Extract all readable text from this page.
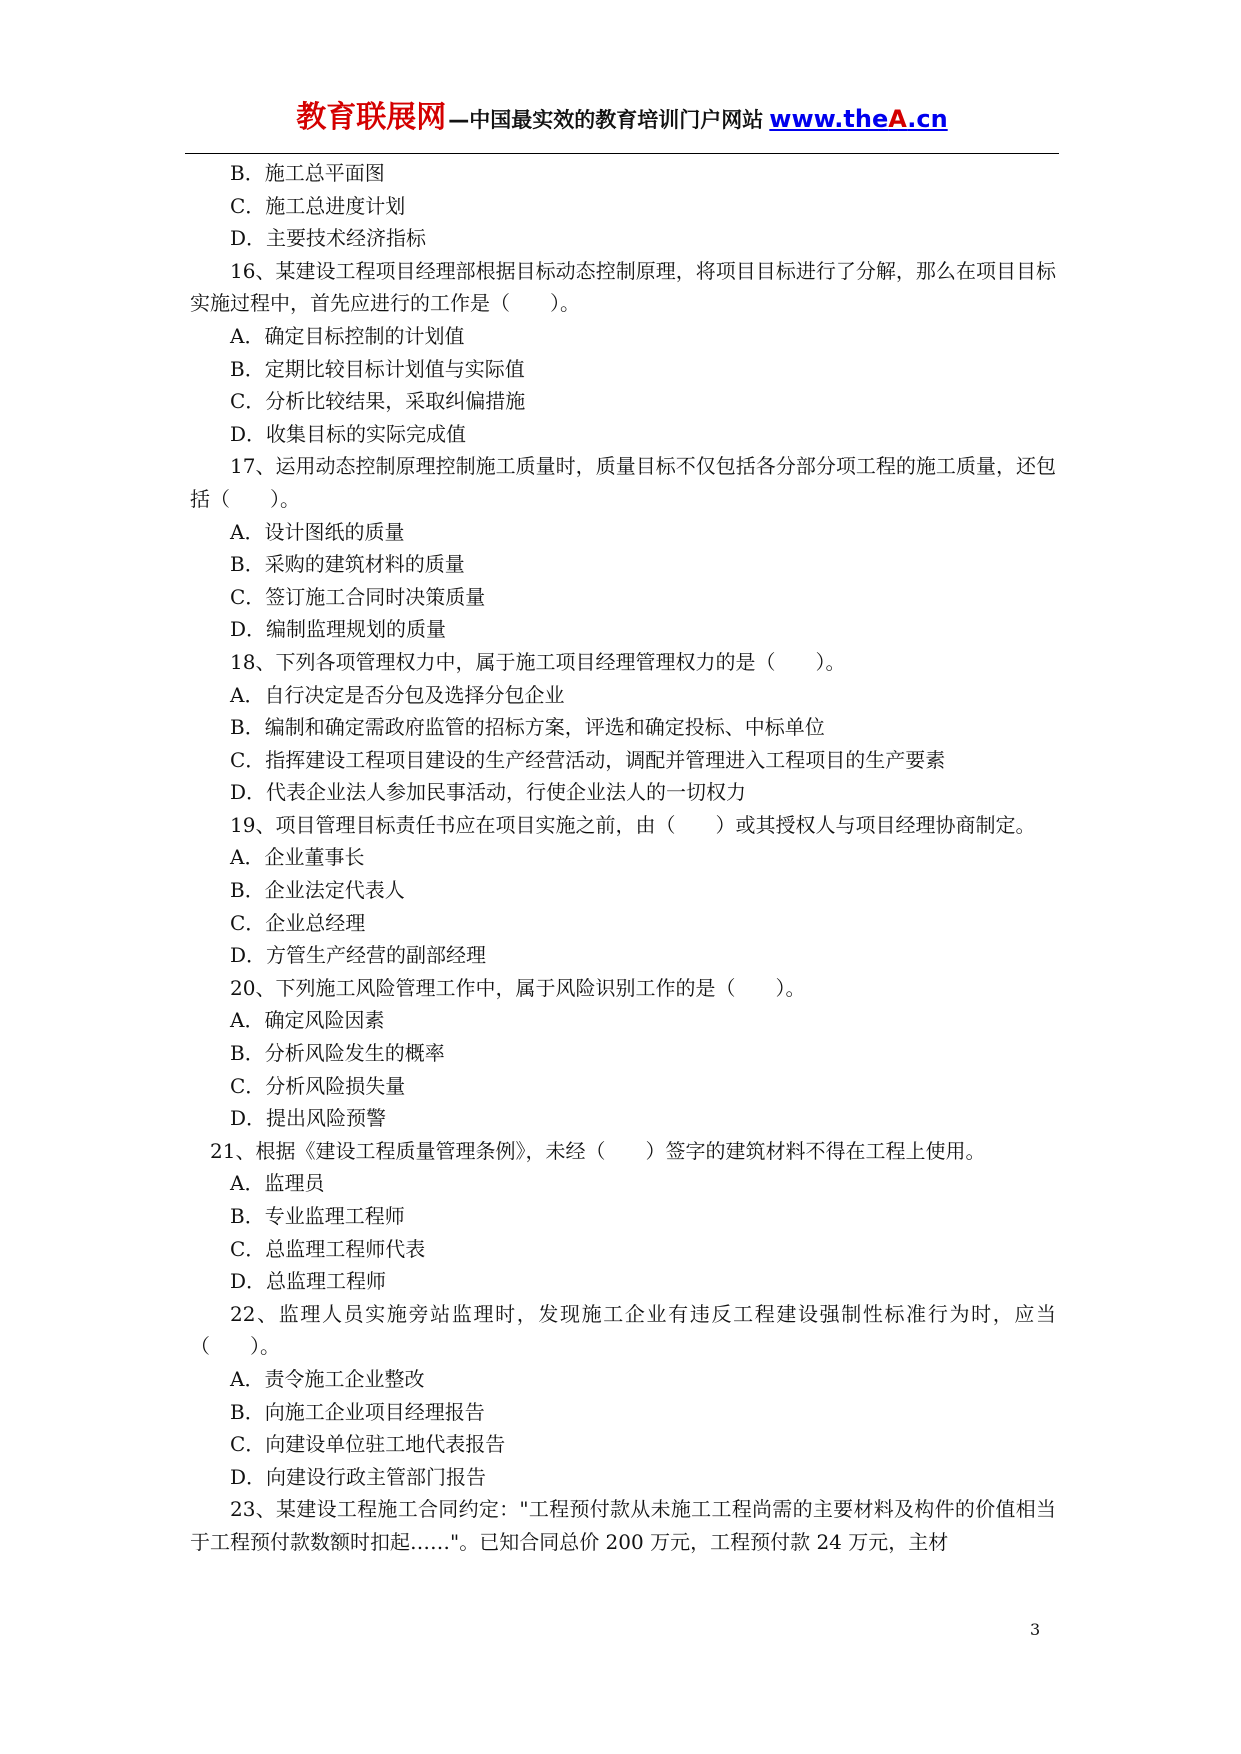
教育联展网—中国最实效的教育培训门户网站 www.theA.cn
B．施工总平面图
C．施工总进度计划
D．主要技术经济指标
16、某建设工程项目经理部根据目标动态控制原理，将项目目标进行了分解，那么在项目目标实施过程中，首先应进行的工作是（　　）。
A．确定目标控制的计划值
B．定期比较目标计划值与实际值
C．分析比较结果，采取纠偏措施
D．收集目标的实际完成值
17、运用动态控制原理控制施工质量时，质量目标不仅包括各分部分项工程的施工质量，还包括（　　）。
A．设计图纸的质量
B．采购的建筑材料的质量
C．签订施工合同时决策质量
D．编制监理规划的质量
18、下列各项管理权力中，属于施工项目经理管理权力的是（　　）。
A．自行决定是否分包及选择分包企业
B．编制和确定需政府监管的招标方案，评选和确定投标、中标单位
C．指挥建设工程项目建设的生产经营活动，调配并管理进入工程项目的生产要素
D．代表企业法人参加民事活动，行使企业法人的一切权力
19、项目管理目标责任书应在项目实施之前，由（　　）或其授权人与项目经理协商制定。
A．企业董事长
B．企业法定代表人
C．企业总经理
D．方管生产经营的副部经理
20、下列施工风险管理工作中，属于风险识别工作的是（　　）。
A．确定风险因素
B．分析风险发生的概率
C．分析风险损失量
D．提出风险预警
21、根据《建设工程质量管理条例》，未经（　　）签字的建筑材料不得在工程上使用。
A．监理员
B．专业监理工程师
C．总监理工程师代表
D．总监理工程师
22、监理人员实施旁站监理时，发现施工企业有违反工程建设强制性标准行为时，应当（　　）。
A．责令施工企业整改
B．向施工企业项目经理报告
C．向建设单位驻工地代表报告
D．向建设行政主管部门报告
23、某建设工程施工合同约定："工程预付款从未施工工程尚需的主要材料及构件的价值相当于工程预付款数额时扣起……"。已知合同总价 200 万元，工程预付款 24 万元，主材
3
